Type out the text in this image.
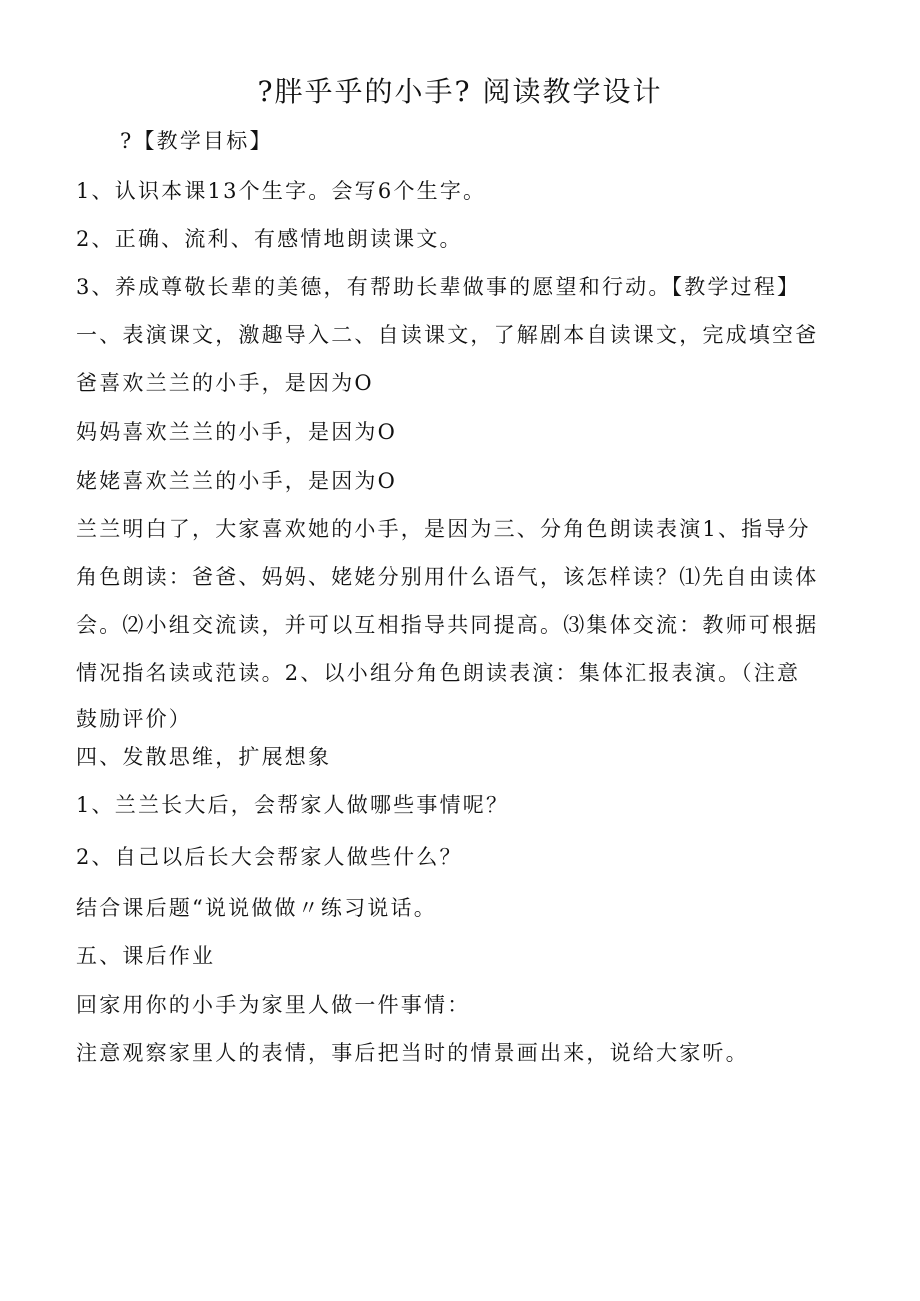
?胖乎乎的小手? 阅读教学设计
?【教学目标】
1、认识本课13个生字。会写6个生字。
2、正确、流利、有感情地朗读课文。
3、养成尊敬长辈的美德，有帮助长辈做事的愿望和行动。【教学过程】
一、表演课文，激趣导入二、自读课文，了解剧本自读课文，完成填空爸
爸喜欢兰兰的小手，是因为O
妈妈喜欢兰兰的小手，是因为O
姥姥喜欢兰兰的小手，是因为O
兰兰明白了，大家喜欢她的小手，是因为三、分角色朗读表演1、指导分
角色朗读：爸爸、妈妈、姥姥分别用什么语气，该怎样读？⑴先自由读体
会。⑵小组交流读，并可以互相指导共同提高。⑶集体交流：教师可根据
情况指名读或范读。2、以小组分角色朗读表演：集体汇报表演。（注意
鼓励评价）
四、发散思维，扩展想象
1、兰兰长大后，会帮家人做哪些事情呢？
2、自己以后长大会帮家人做些什么？
结合课后题“说说做做〃练习说话。
五、课后作业
回家用你的小手为家里人做一件事情：
注意观察家里人的表情，事后把当时的情景画出来，说给大家听。
